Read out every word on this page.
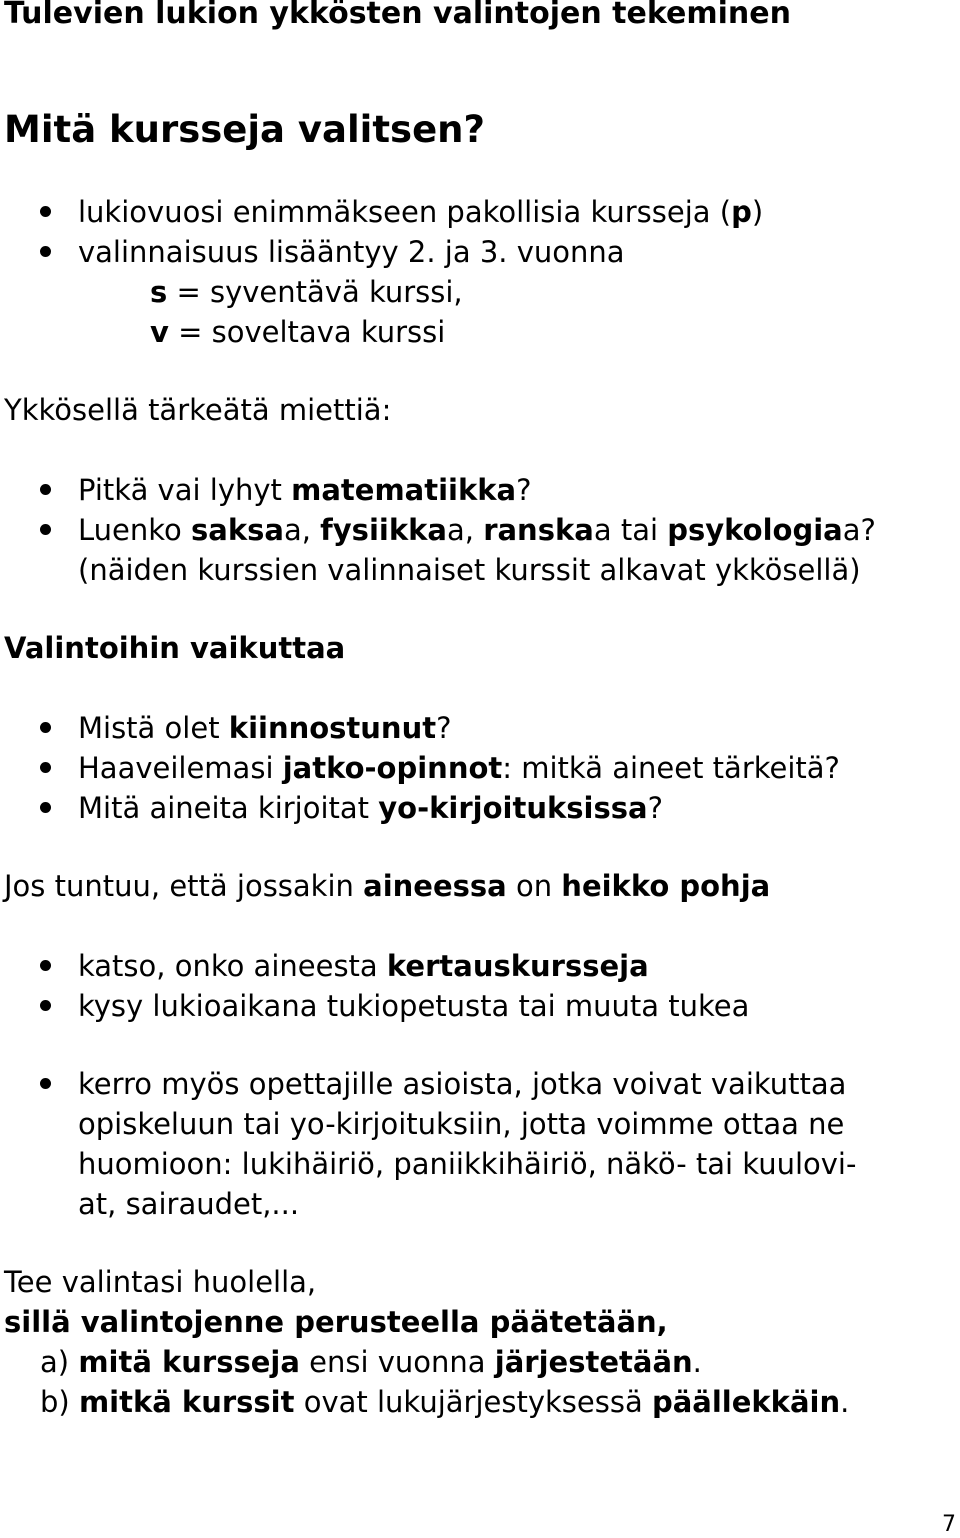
Tulevien lukion ykkösten valintojen tekeminen
Mitä kursseja valitsen?
lukiovuosi enimmäkseen pakollisia kursseja (p)
valinnaisuus lisääntyy 2. ja 3. vuonna
s = syventävä kurssi,
v = soveltava kurssi
Ykkösellä tärkeätä miettiä:
Pitkä vai lyhyt matematiikka?
Luenko saksaa, fysiikkaa, ranskaa tai psykologiaa?
(näiden kurssien valinnaiset kurssit alkavat ykkösellä)
Valintoihin vaikuttaa
Mistä olet kiinnostunut?
Haaveilemasi jatko-opinnot: mitkä aineet tärkeitä?
Mitä aineita kirjoitat yo-kirjoituksissa?
Jos tuntuu, että jossakin aineessa on heikko pohja
katso, onko aineesta kertauskursseja
kysy lukioaikana tukiopetusta tai muuta tukea
kerro myös opettajille asioista, jotka voivat vaikuttaa
opiskeluun tai yo-kirjoituksiin, jotta voimme ottaa ne
huomioon: lukihäiriö, paniikkihäiriö, näkö- tai kuulovi-
at, sairaudet,...
Tee valintasi huolella,
sillä valintojenne perusteella päätetään,
a) mitä kursseja ensi vuonna järjestetään.
b) mitkä kurssit ovat lukujärjestyksessä päällekkäin.
7
